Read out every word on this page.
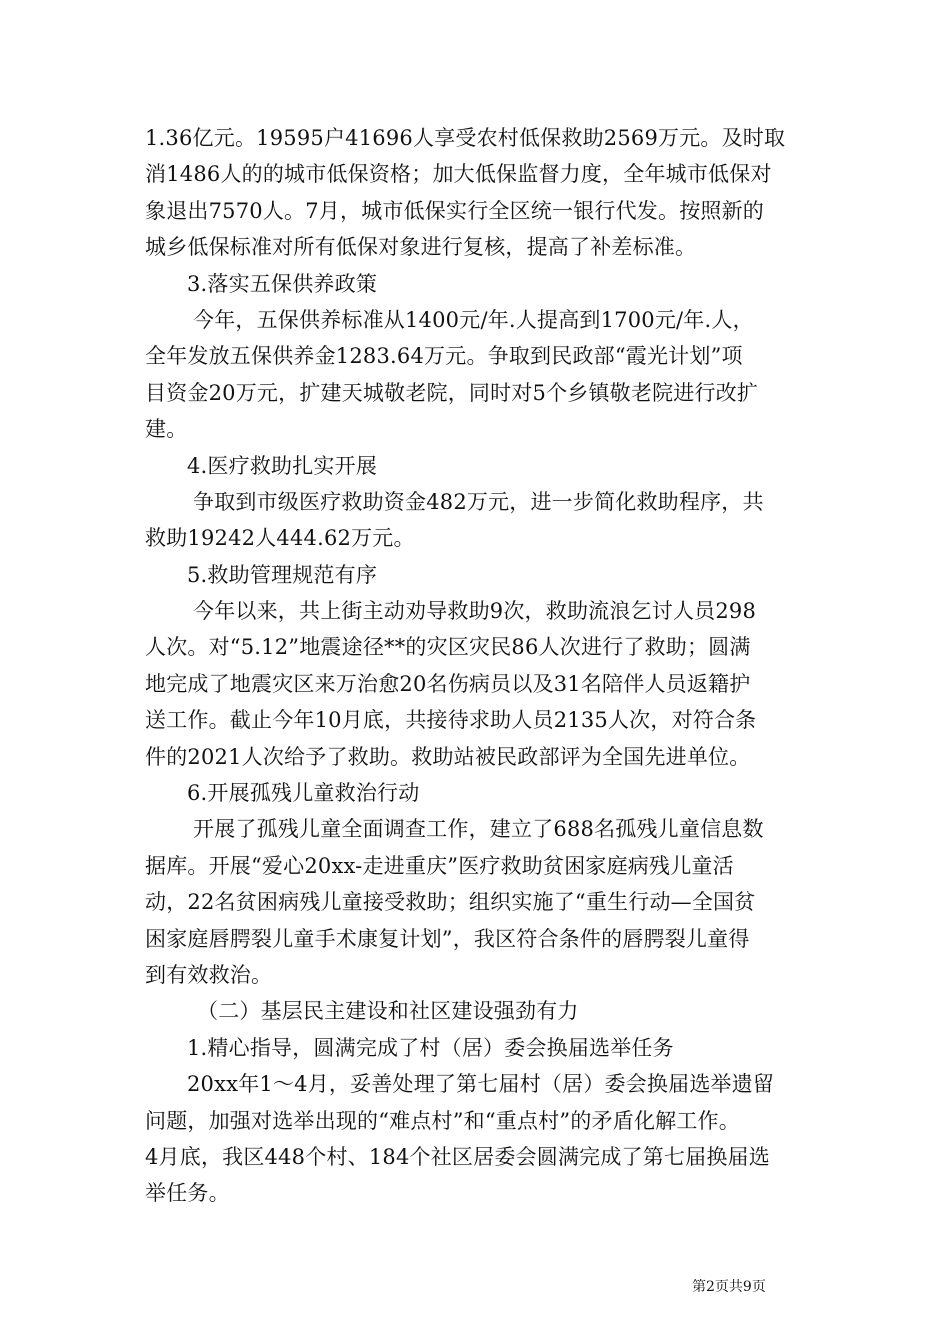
1.36亿元。19595户41696人享受农村低保救助2569万元。及时取
消1486人的的城市低保资格；加大低保监督力度，全年城市低保对
象退出7570人。7月，城市低保实行全区统一银行代发。按照新的
城乡低保标准对所有低保对象进行复核，提高了补差标准。
3.落实五保供养政策
今年，五保供养标准从1400元/年.人提高到1700元/年.人，
全年发放五保供养金1283.64万元。争取到民政部“霞光计划”项
目资金20万元，扩建天城敬老院，同时对5个乡镇敬老院进行改扩
建。
4.医疗救助扎实开展
争取到市级医疗救助资金482万元，进一步简化救助程序，共
救助19242人444.62万元。
5.救助管理规范有序
今年以来，共上街主动劝导救助9次，救助流浪乞讨人员298
人次。对“5.12”地震途径**的灾区灾民86人次进行了救助；圆满
地完成了地震灾区来万治愈20名伤病员以及31名陪伴人员返籍护
送工作。截止今年10月底，共接待求助人员2135人次，对符合条
件的2021人次给予了救助。救助站被民政部评为全国先进单位。
6.开展孤残儿童救治行动
开展了孤残儿童全面调查工作，建立了688名孤残儿童信息数
据库。开展“爱心20xx-走进重庆”医疗救助贫困家庭病残儿童活
动，22名贫困病残儿童接受救助；组织实施了“重生行动—全国贫
困家庭唇腭裂儿童手术康复计划”，我区符合条件的唇腭裂儿童得
到有效救治。
（二）基层民主建设和社区建设强劲有力
1.精心指导，圆满完成了村（居）委会换届选举任务
20xx年1～4月，妥善处理了第七届村（居）委会换届选举遗留
问题，加强对选举出现的“难点村”和“重点村”的矛盾化解工作。
4月底，我区448个村、184个社区居委会圆满完成了第七届换届选
举任务。
第2页共9页
